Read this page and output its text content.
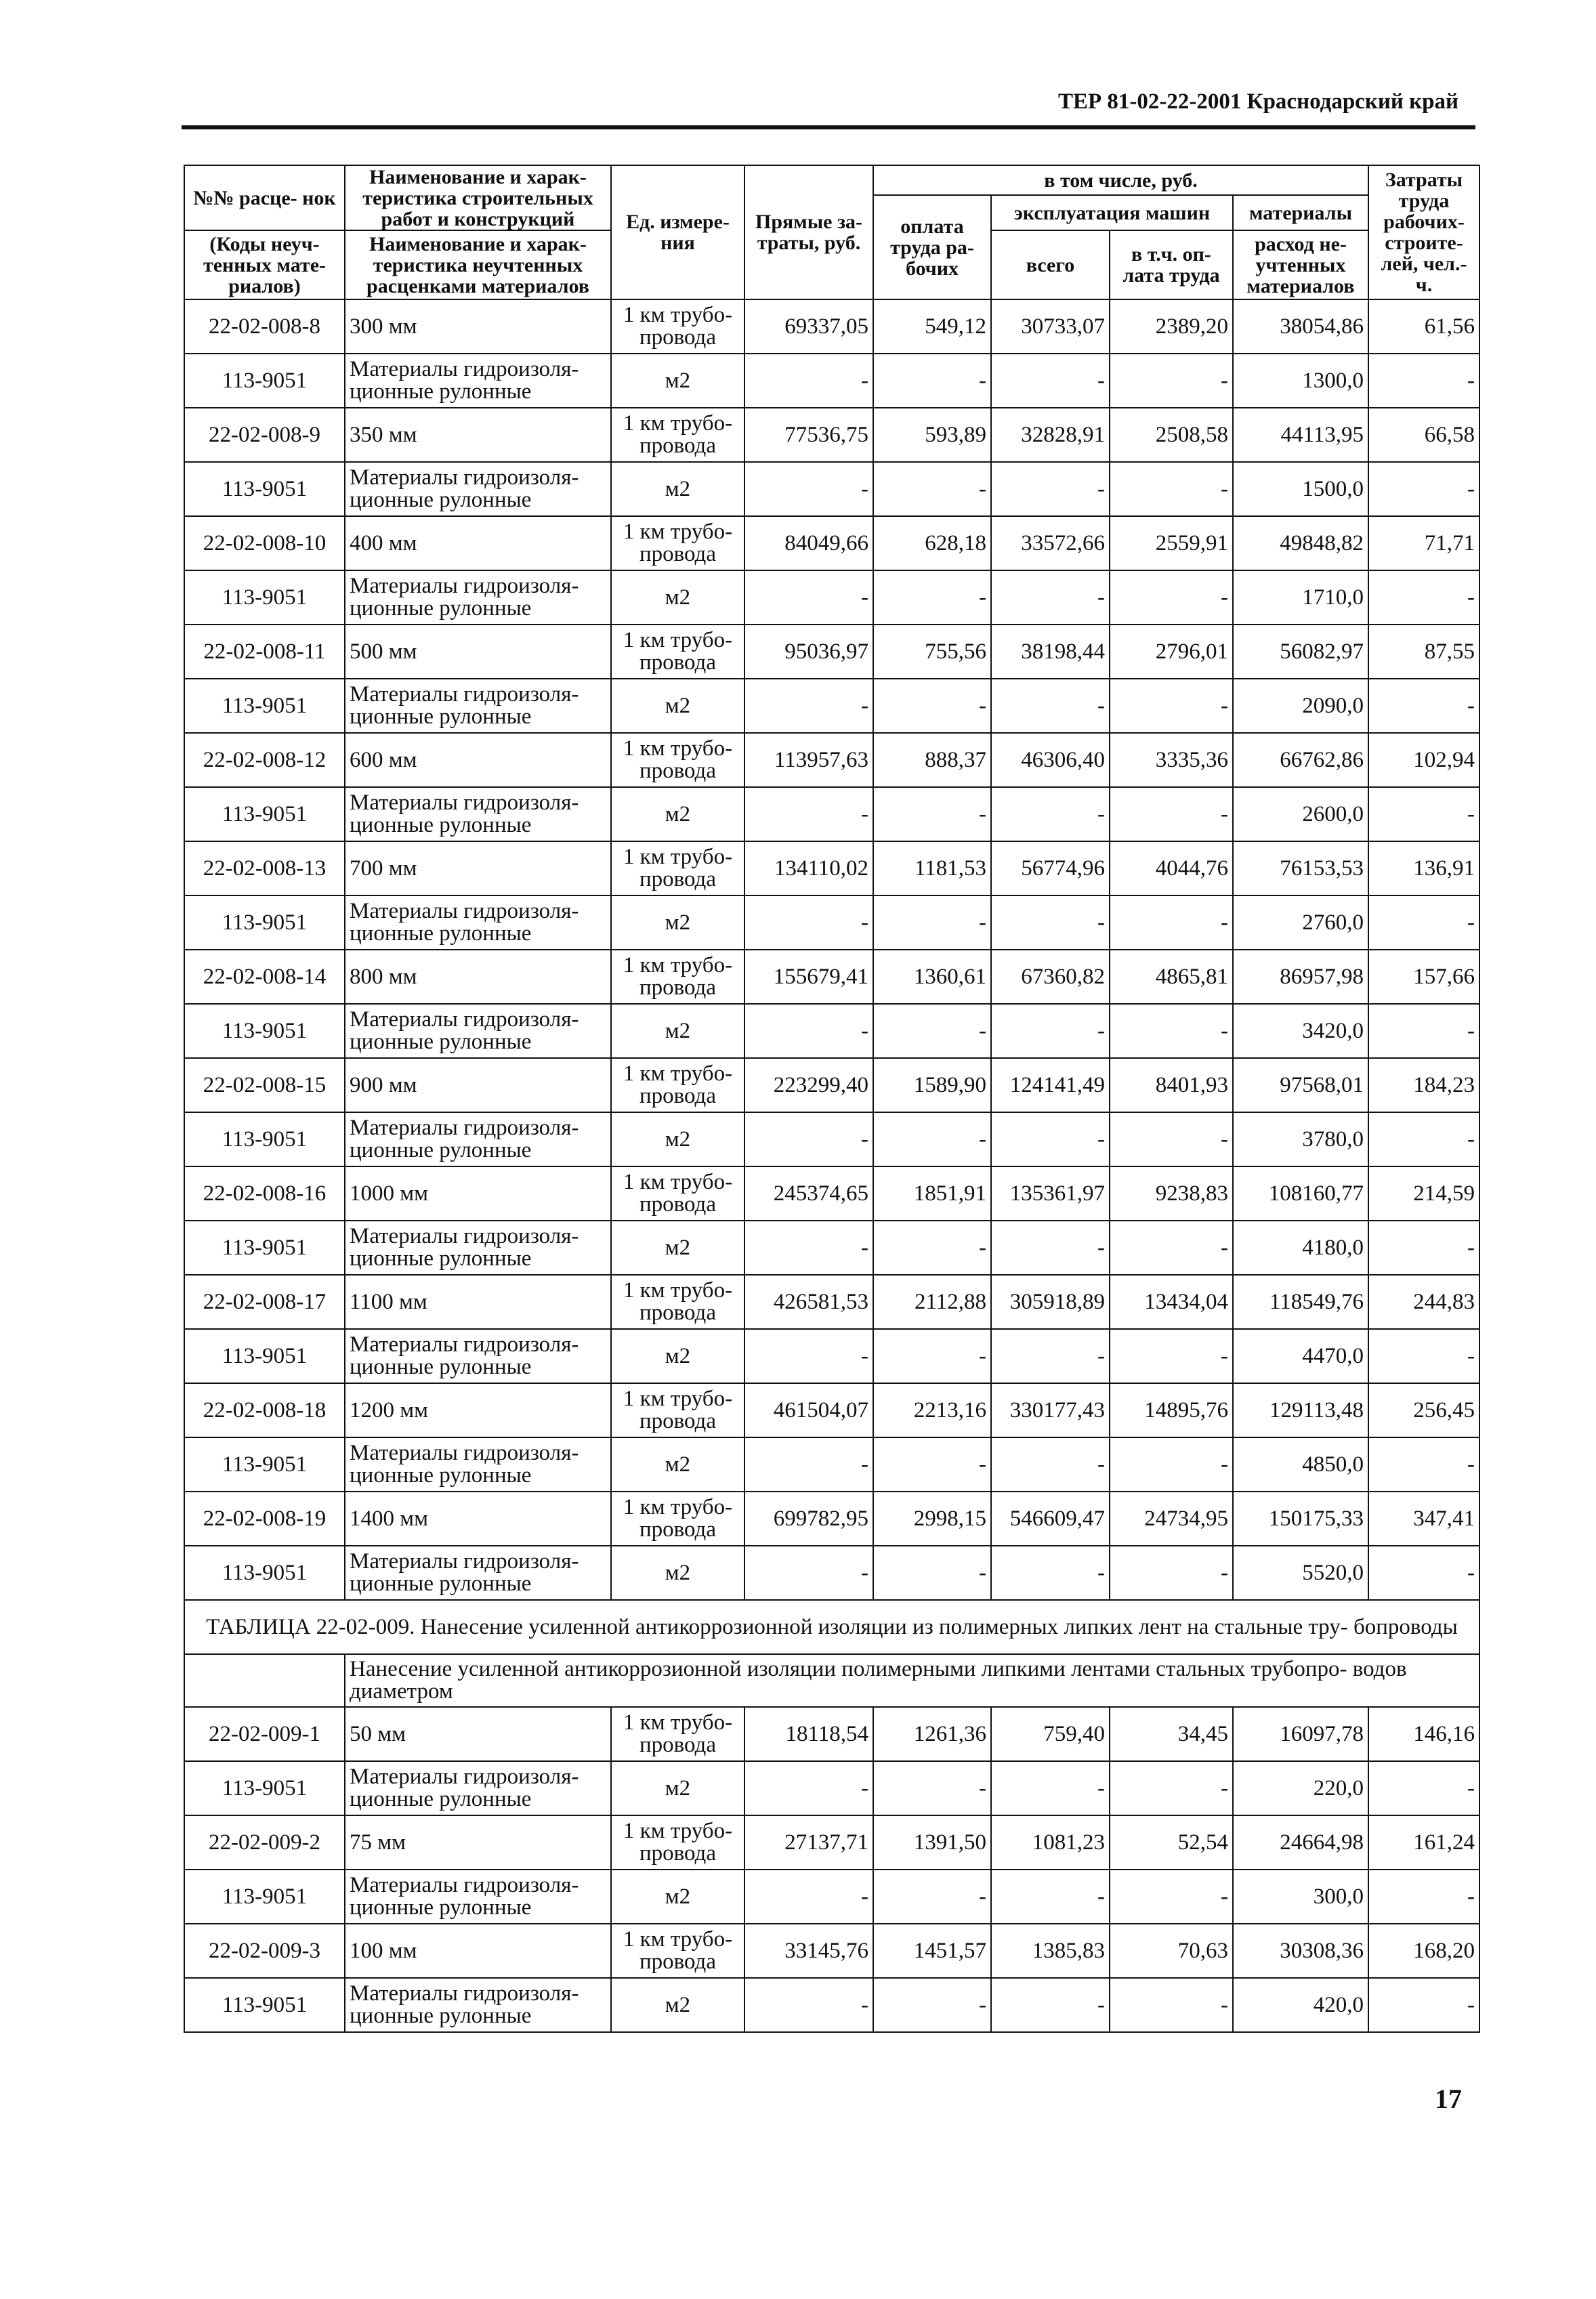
ТЕР 81-02-22-2001 Краснодарский край
№№ расце- нок	Наименование и харак- теристика строительных работ и конструкций	Ед. измере- ния	Прямые за- траты, руб.	в том числе, руб.				Затраты труда рабочих- строите- лей, чел.-ч.
				оплата труда ра- бочих	эксплуатация машин		материалы	
(Коды неуч- тенных мате- риалов)	Наименование и харак- теристика неучтенных расценками материалов				всего	в т.ч. оп- лата труда	расход не- учтенных материалов	

22-02-008-8	300 мм	1 км трубо- провода	69337,05	549,12	30733,07	2389,20	38054,86	61,56
113-9051	Материалы гидроизоля- ционные рулонные	м2	-	-	-	-	1300,0	-
22-02-008-9	350 мм	1 км трубо- провода	77536,75	593,89	32828,91	2508,58	44113,95	66,58
113-9051	Материалы гидроизоля- ционные рулонные	м2	-	-	-	-	1500,0	-
22-02-008-10	400 мм	1 км трубо- провода	84049,66	628,18	33572,66	2559,91	49848,82	71,71
113-9051	Материалы гидроизоля- ционные рулонные	м2	-	-	-	-	1710,0	-
22-02-008-11	500 мм	1 км трубо- провода	95036,97	755,56	38198,44	2796,01	56082,97	87,55
113-9051	Материалы гидроизоля- ционные рулонные	м2	-	-	-	-	2090,0	-
22-02-008-12	600 мм	1 км трубо- провода	113957,63	888,37	46306,40	3335,36	66762,86	102,94
113-9051	Материалы гидроизоля- ционные рулонные	м2	-	-	-	-	2600,0	-
22-02-008-13	700 мм	1 км трубо- провода	134110,02	1181,53	56774,96	4044,76	76153,53	136,91
113-9051	Материалы гидроизоля- ционные рулонные	м2	-	-	-	-	2760,0	-
22-02-008-14	800 мм	1 км трубо- провода	155679,41	1360,61	67360,82	4865,81	86957,98	157,66
113-9051	Материалы гидроизоля- ционные рулонные	м2	-	-	-	-	3420,0	-
22-02-008-15	900 мм	1 км трубо- провода	223299,40	1589,90	124141,49	8401,93	97568,01	184,23
113-9051	Материалы гидроизоля- ционные рулонные	м2	-	-	-	-	3780,0	-
22-02-008-16	1000 мм	1 км трубо- провода	245374,65	1851,91	135361,97	9238,83	108160,77	214,59
113-9051	Материалы гидроизоля- ционные рулонные	м2	-	-	-	-	4180,0	-
22-02-008-17	1100 мм	1 км трубо- провода	426581,53	2112,88	305918,89	13434,04	118549,76	244,83
113-9051	Материалы гидроизоля- ционные рулонные	м2	-	-	-	-	4470,0	-
22-02-008-18	1200 мм	1 км трубо- провода	461504,07	2213,16	330177,43	14895,76	129113,48	256,45
113-9051	Материалы гидроизоля- ционные рулонные	м2	-	-	-	-	4850,0	-
22-02-008-19	1400 мм	1 км трубо- провода	699782,95	2998,15	546609,47	24734,95	150175,33	347,41
113-9051	Материалы гидроизоля- ционные рулонные	м2	-	-	-	-	5520,0	-
ТАБЛИЦА 22-02-009. Нанесение усиленной антикоррозионной изоляции из полимерных липких лент на стальные тру- бопроводы								
	Нанесение усиленной антикоррозионной изоляции полимерными липкими лентами стальных трубопро- водов диаметром							
22-02-009-1	50 мм	1 км трубо- провода	18118,54	1261,36	759,40	34,45	16097,78	146,16
113-9051	Материалы гидроизоля- ционные рулонные	м2	-	-	-	-	220,0	-
22-02-009-2	75 мм	1 км трубо- провода	27137,71	1391,50	1081,23	52,54	24664,98	161,24
113-9051	Материалы гидроизоля- ционные рулонные	м2	-	-	-	-	300,0	-
22-02-009-3	100 мм	1 км трубо- провода	33145,76	1451,57	1385,83	70,63	30308,36	168,20
113-9051	Материалы гидроизоля- ционные рулонные	м2	-	-	-	-	420,0	-
17
